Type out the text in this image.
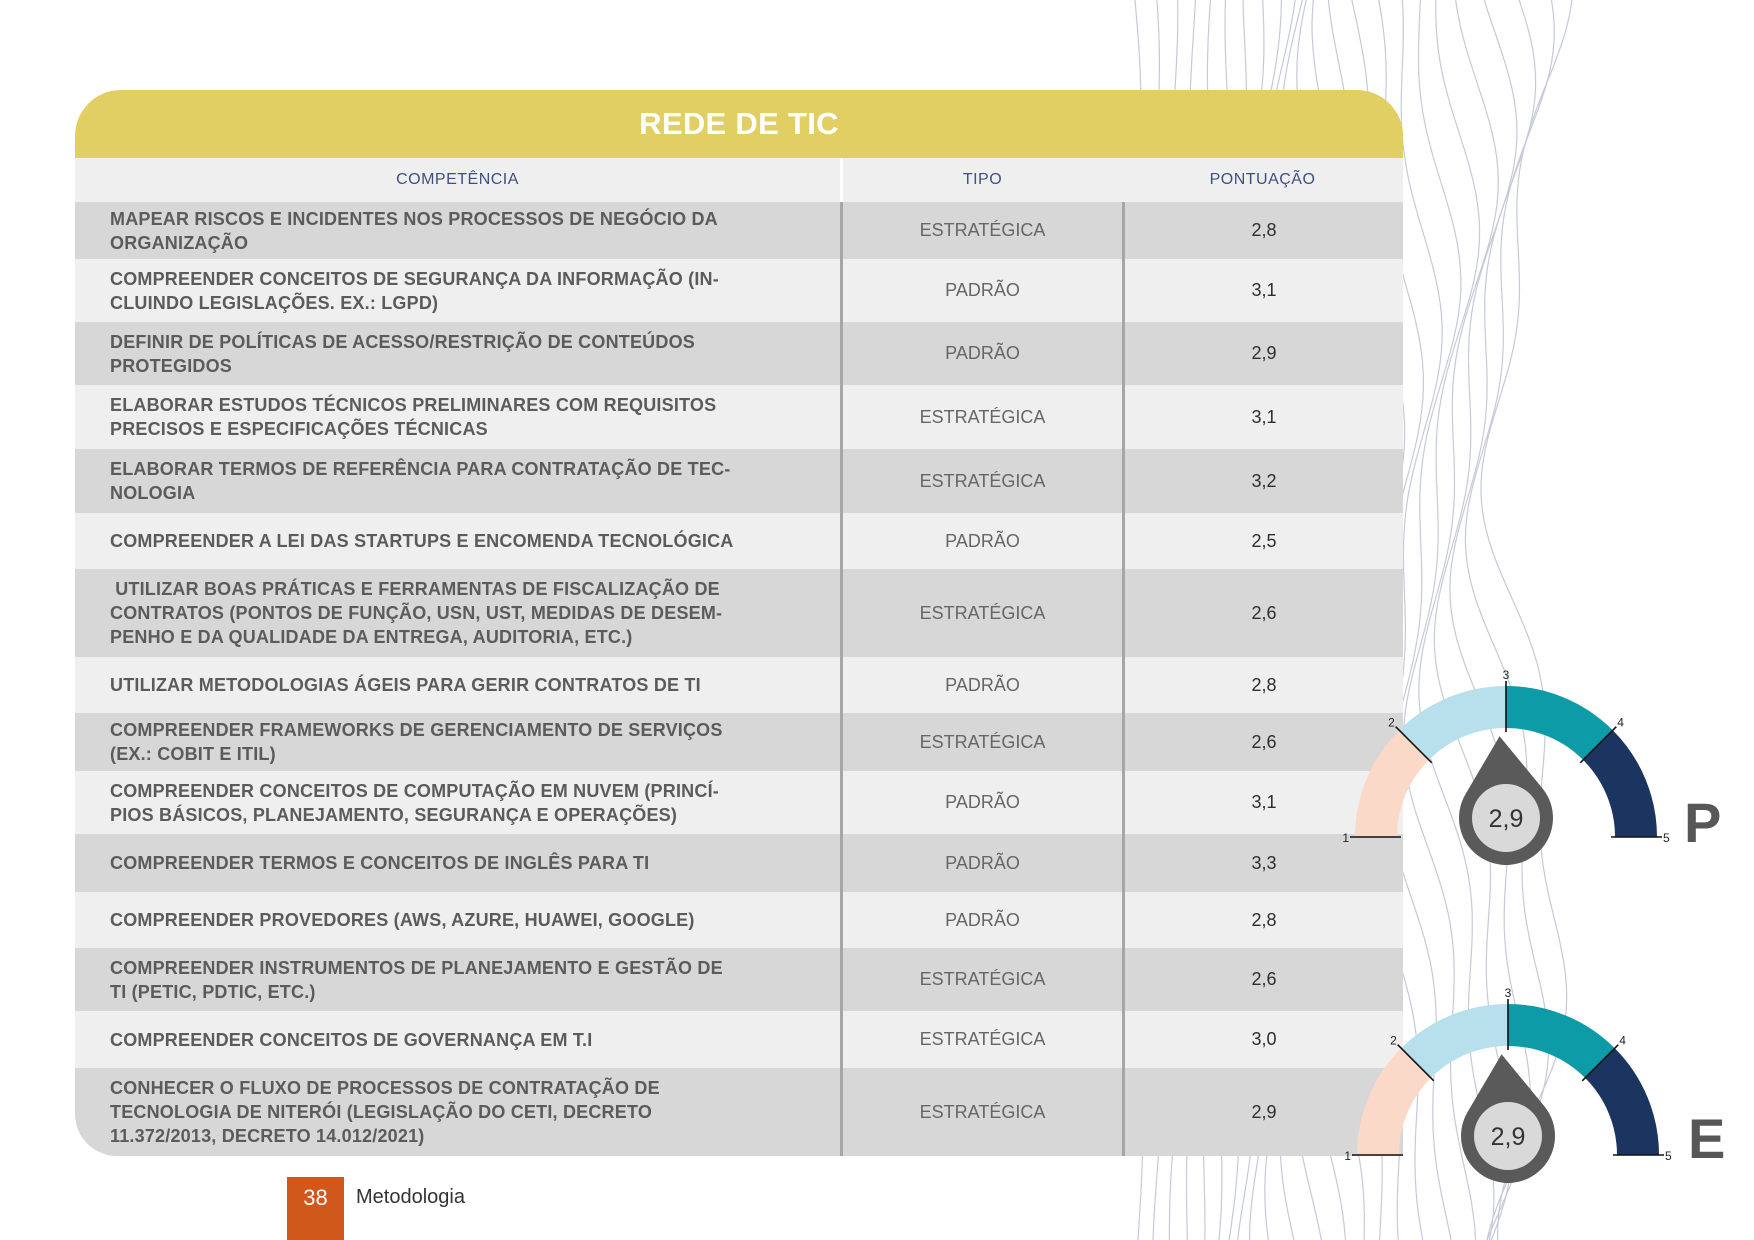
REDE DE TIC
COMPETÊNCIA	TIPO	PONTUAÇÃO
MAPEAR RISCOS E INCIDENTES NOS PROCESSOS DE NEGÓCIO DA
ORGANIZAÇÃO
ESTRATÉGICA	2,8
COMPREENDER CONCEITOS DE SEGURANÇA DA INFORMAÇÃO (IN-
CLUINDO LEGISLAÇÕES. EX.: LGPD)
PADRÃO	3,1
DEFINIR DE POLÍTICAS DE ACESSO/RESTRIÇÃO DE CONTEÚDOS
PROTEGIDOS
PADRÃO	2,9
ELABORAR ESTUDOS TÉCNICOS PRELIMINARES COM REQUISITOS
PRECISOS E ESPECIFICAÇÕES TÉCNICAS
ESTRATÉGICA	3,1
ELABORAR TERMOS DE REFERÊNCIA PARA CONTRATAÇÃO DE TEC-
NOLOGIA
ESTRATÉGICA	3,2
COMPREENDER A LEI DAS STARTUPS E ENCOMENDA TECNOLÓGICA	PADRÃO	2,5
UTILIZAR BOAS PRÁTICAS E FERRAMENTAS DE FISCALIZAÇÃO DE
CONTRATOS (PONTOS DE FUNÇÃO, USN, UST, MEDIDAS DE DESEM-
PENHO E DA QUALIDADE DA ENTREGA, AUDITORIA, ETC.)
ESTRATÉGICA	2,6
UTILIZAR METODOLOGIAS ÁGEIS PARA GERIR CONTRATOS DE TI	PADRÃO	2,8
COMPREENDER FRAMEWORKS DE GERENCIAMENTO DE SERVIÇOS
(EX.: COBIT E ITIL)
ESTRATÉGICA	2,6
COMPREENDER CONCEITOS DE COMPUTAÇÃO EM NUVEM (PRINCÍ-
PIOS BÁSICOS, PLANEJAMENTO, SEGURANÇA E OPERAÇÕES)
PADRÃO	3,1
COMPREENDER TERMOS E CONCEITOS DE INGLÊS PARA TI	PADRÃO	3,3
COMPREENDER PROVEDORES (AWS, AZURE, HUAWEI, GOOGLE)	PADRÃO	2,8
COMPREENDER INSTRUMENTOS DE PLANEJAMENTO E GESTÃO DE
TI (PETIC, PDTIC, ETC.)
ESTRATÉGICA	2,6
COMPREENDER CONCEITOS DE GOVERNANÇA EM T.I	ESTRATÉGICA	3,0
CONHECER O FLUXO DE PROCESSOS DE CONTRATAÇÃO DE
TECNOLOGIA DE NITERÓI (LEGISLAÇÃO DO CETI, DECRETO
11.372/2013, DECRETO 14.012/2021)
ESTRATÉGICA	2,9
1
2
3
4
5
2,9	P
1
2
3
4
5
2,9	E
38	Metodologia
